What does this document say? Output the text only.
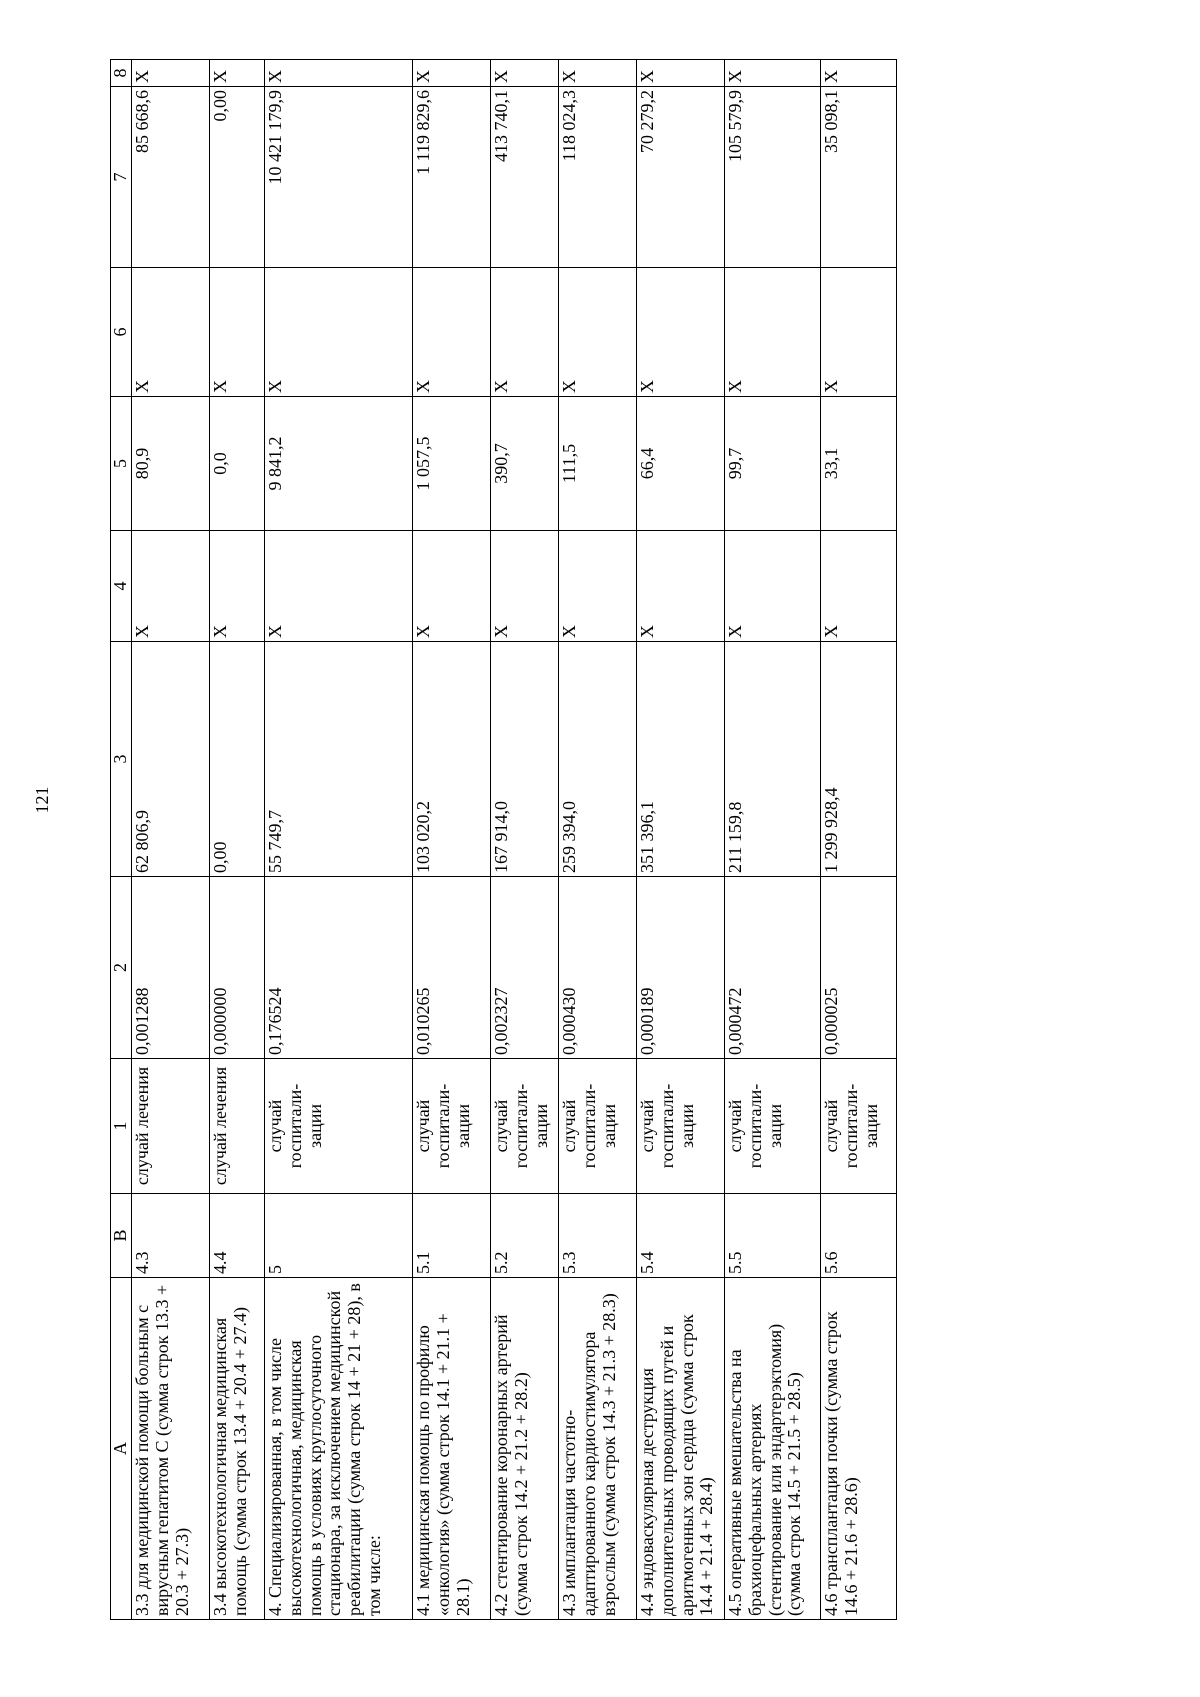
121
A	B	1	2	3	4	5	6	7	8
3.3 для медицинской помощи больным с вирусным гепатитом С (сумма строк 13.3 + 20.3 + 27.3)	4.3	случай лечения	0,001288	62 806,9	X	80,9	X	85 668,6	X
3.4 высокотехнологичная медицинская помощь (сумма строк 13.4 + 20.4 + 27.4)	4.4	случай лечения	0,000000	0,00	X	0,0	X	0,00	X
4. Специализированная, в том числе высокотехнологичная, медицинская помощь в условиях круглосуточного стационара, за исключением медицинской реабилитации (сумма строк 14 + 21 + 28), в том числе:	5	случай госпитали-зации	0,176524	55 749,7	X	9 841,2	X	10 421 179,9	X
4.1 медицинская помощь по профилю «онкология» (сумма строк 14.1 + 21.1 + 28.1)	5.1	случай госпитали-зации	0,010265	103 020,2	X	1 057,5	X	1 119 829,6	X
4.2 стентирование коронарных артерий (сумма строк 14.2 + 21.2 + 28.2)	5.2	случай госпитали-зации	0,002327	167 914,0	X	390,7	X	413 740,1	X
4.3 имплантация частотно-адаптированного кардиостимулятора взрослым (сумма строк 14.3 + 21.3 + 28.3)	5.3	случай госпитали-зации	0,000430	259 394,0	X	111,5	X	118 024,3	X
4.4 эндоваскулярная деструкция дополнительных проводящих путей и аритмогенных зон сердца (сумма строк 14.4 + 21.4 + 28.4)	5.4	случай госпитали-зации	0,000189	351 396,1	X	66,4	X	70 279,2	X
4.5 оперативные вмешательства на брахиоцефальных артериях (стентирование или эндартерэктомия) (сумма строк 14.5 + 21.5 + 28.5)	5.5	случай госпитали-зации	0,000472	211 159,8	X	99,7	X	105 579,9	X
4.6 трансплантация почки (сумма строк 14.6 + 21.6 + 28.6)	5.6	случай госпитали-зации	0,000025	1 299 928,4	X	33,1	X	35 098,1	X
